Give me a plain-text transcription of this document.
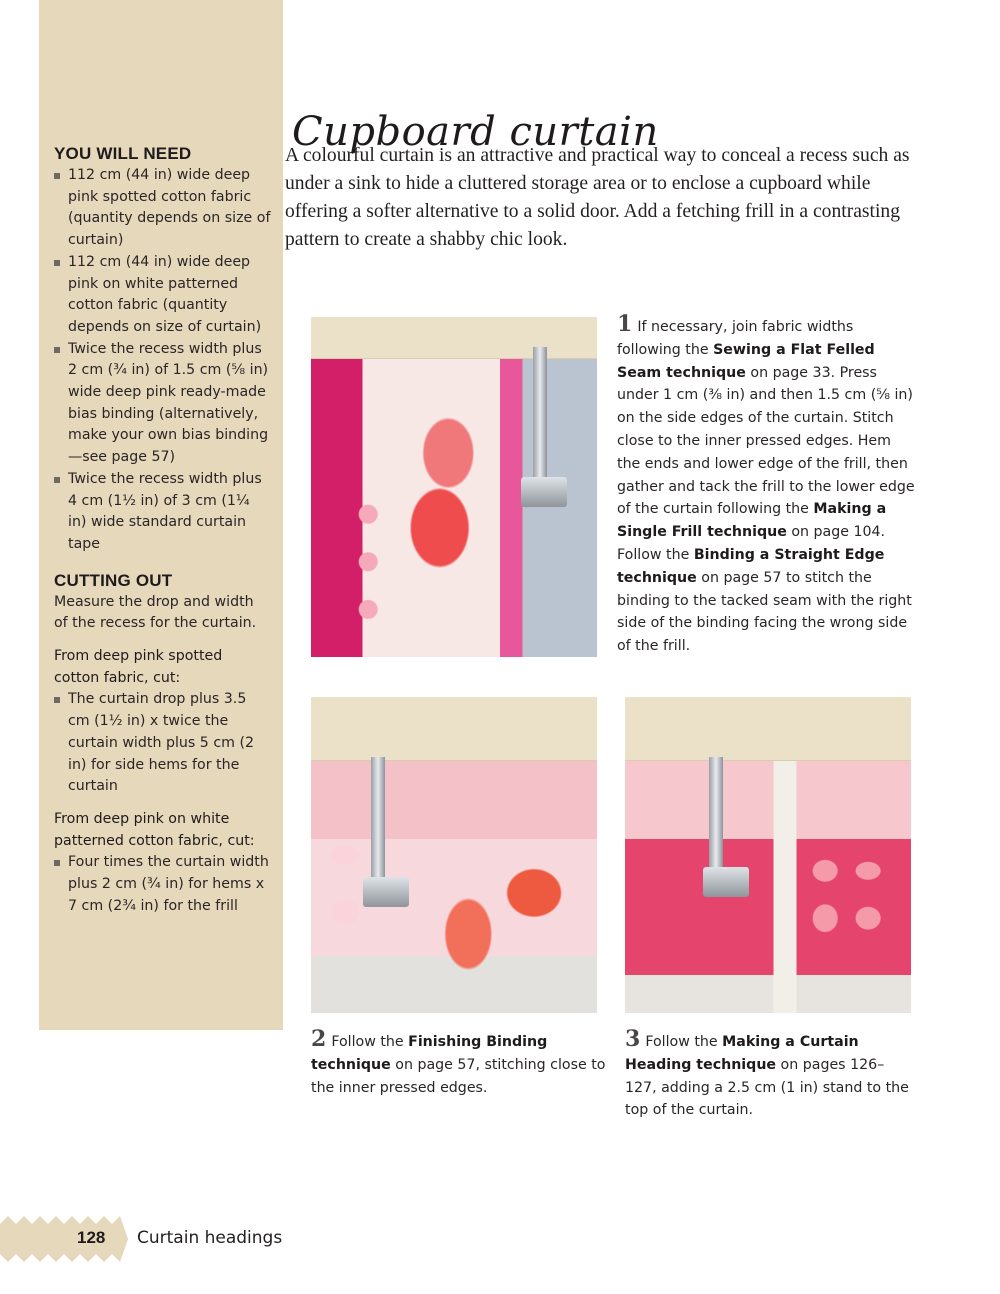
YOU WILL NEED
112 cm (44 in) wide deep pink spotted cotton fabric (quantity depends on size of curtain)
112 cm (44 in) wide deep pink on white patterned cotton fabric (quantity depends on size of curtain)
Twice the recess width plus 2 cm (¾ in) of 1.5 cm (⅝ in) wide deep pink ready-made bias binding (alternatively, make your own bias binding—see page 57)
Twice the recess width plus 4 cm (1½ in) of 3 cm (1¼ in) wide standard curtain tape
CUTTING OUT

Measure the drop and width of the recess for the curtain.

From deep pink spotted cotton fabric, cut:

The curtain drop plus 3.5 cm (1½ in) x twice the curtain width plus 5 cm (2 in) for side hems for the curtain

From deep pink on white patterned cotton fabric, cut:

Four times the curtain width plus 2 cm (¾ in) for hems x 7 cm (2¾ in) for the frill
Cupboard curtain

A colourful curtain is an attractive and practical way to conceal a recess such as under a sink to hide a cluttered storage area or to enclose a cupboard while offering a softer alternative to a solid door. Add a fetching frill in a contrasting pattern to create a shabby chic look.

1 If necessary, join fabric widths following the Sewing a Flat Felled Seam technique on page 33. Press under 1 cm (⅜ in) and then 1.5 cm (⅝ in) on the side edges of the curtain. Stitch close to the inner pressed edges. Hem the ends and lower edge of the frill, then gather and tack the frill to the lower edge of the curtain following the Making a Single Frill technique on page 104. Follow the Binding a Straight Edge technique on page 57 to stitch the binding to the tacked seam with the right side of the binding facing the wrong side of the frill.

2 Follow the Finishing Binding technique on page 57, stitching close to the inner pressed edges.

3 Follow the Making a Curtain Heading technique on pages 126–127, adding a 2.5 cm (1 in) stand to the top of the curtain.

128 Curtain headings
